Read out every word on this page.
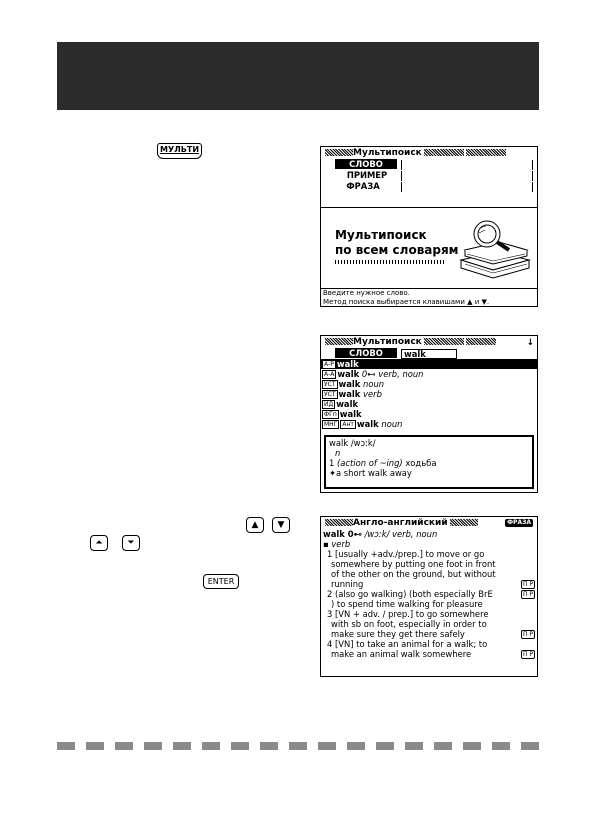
МУЛЬТИ
▲	▼
⏶	⏷
ENTER
Мультипоиск
СЛОВО
ПРИМЕР
ФРАЗА
Мультипоиск
по всем словарям
Введите нужное слово.
Метод поиска выбирается клавишами ▲ и ▼.
Мультипоиск	↓
СЛОВО	walk
А-Р walk
А-А walk 0⊷ verb, noun
УСТ walk noun
УСТ walk verb
ИД walk
ФГп walk
МНГ Ант walk noun
walk /wɔːk/
n
1 (action of ~ing) ходьба
✦a short walk away
Англо-английский	ФРАЗА
walk 0⊷ /wɔːk/ verb, noun
▪ verb
1 [usually +adv./prep.] to move or go
somewhere by putting one foot in front
of the other on the ground, but without
running	П Р
2 (also go walking) (both especially BrE	П Р
) to spend time walking for pleasure
3 [VN + adv. / prep.] to go somewhere
with sb on foot, especially in order to
make sure they get there safely	П Р
4 [VN] to take an animal for a walk; to
make an animal walk somewhere	П Р
